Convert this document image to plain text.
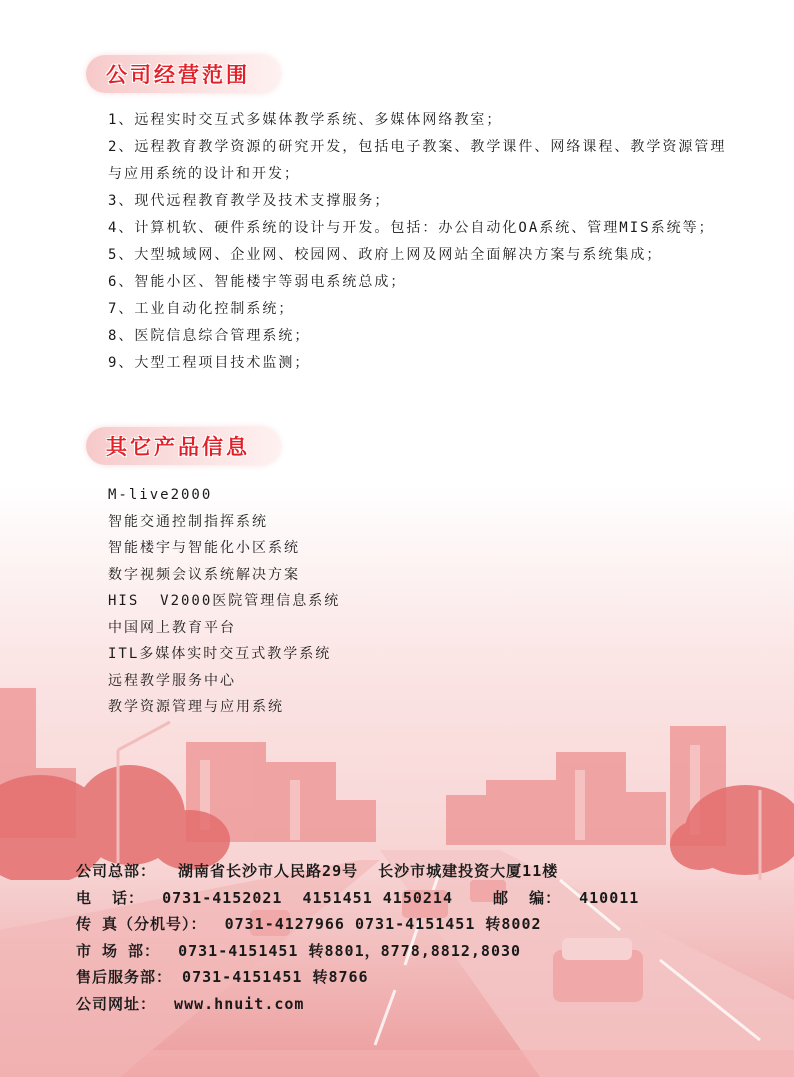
公司经营范围
1、远程实时交互式多媒体教学系统、多媒体网络教室；
2、远程教育教学资源的研究开发，包括电子教案、教学课件、网络课程、教学资源管理与应用系统的设计和开发；
3、现代远程教育教学及技术支撑服务；
4、计算机软、硬件系统的设计与开发。包括：办公自动化OA系统、管理MIS系统等；
5、大型城域网、企业网、校园网、政府上网及网站全面解决方案与系统集成；
6、智能小区、智能楼宇等弱电系统总成；
7、工业自动化控制系统；
8、医院信息综合管理系统；
9、大型工程项目技术监测；
其它产品信息
M-live2000
智能交通控制指挥系统
智能楼宇与智能化小区系统
数字视频会议系统解决方案
HIS  V2000医院管理信息系统
中国网上教育平台
ITL多媒体实时交互式教学系统
远程教学服务中心
教学资源管理与应用系统
公司总部： 湖南省长沙市人民路29号  长沙市城建投资大厦11楼
电  话： 0731-4152021  4151451 4150214	邮  编： 410011
传 真（分机号）： 0731-4127966 0731-4151451 转8002
市 场 部： 0731-4151451 转8801，8778,8812,8030
售后服务部： 0731-4151451 转8766
公司网址： www.hnuit.com
